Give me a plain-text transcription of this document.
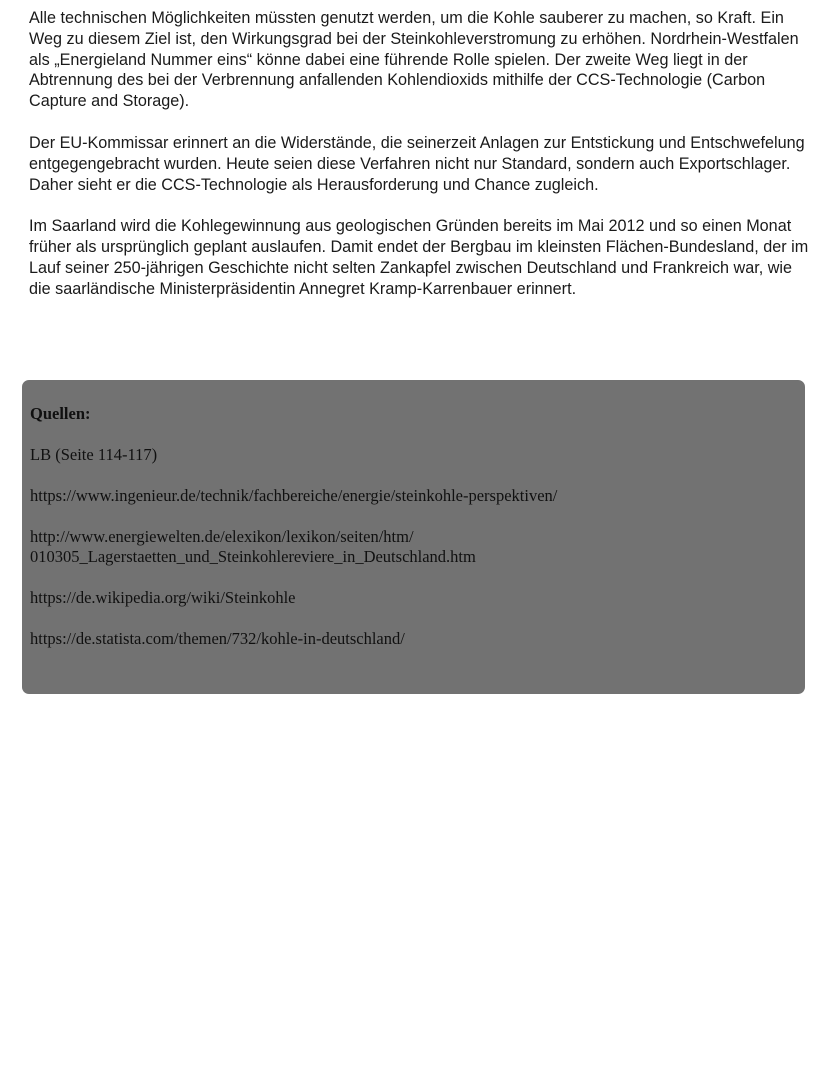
Alle technischen Möglichkeiten müssten genutzt werden, um die Kohle sauberer zu machen, so Kraft. Ein Weg zu diesem Ziel ist, den Wirkungsgrad bei der Steinkohleverstromung zu erhöhen. Nordrhein-Westfalen als „Energieland Nummer eins“ könne dabei eine führende Rolle spielen. Der zweite Weg liegt in der Abtrennung des bei der Verbrennung anfallenden Kohlendioxids mithilfe der CCS-Technologie (Carbon Capture and Storage).

Der EU-Kommissar erinnert an die Widerstände, die seinerzeit Anlagen zur Entstickung und Entschwefelung entgegengebracht wurden. Heute seien diese Verfahren nicht nur Standard, sondern auch Exportschlager. Daher sieht er die CCS-Technologie als Herausforderung und Chance zugleich.

Im Saarland wird die Kohlegewinnung aus geologischen Gründen bereits im Mai 2012 und so einen Monat früher als ursprünglich geplant auslaufen. Damit endet der Bergbau im kleinsten Flächen-Bundesland, der im Lauf seiner 250-jährigen Geschichte nicht selten Zankapfel zwischen Deutschland und Frankreich war, wie die saarländische Ministerpräsidentin Annegret Kramp-Karrenbauer erinnert.

Quellen:
LB (Seite 114-117)
https://www.ingenieur.de/technik/fachbereiche/energie/steinkohle-perspektiven/
http://www.energiewelten.de/elexikon/lexikon/seiten/htm/
010305_Lagerstaetten_und_Steinkohlereviere_in_Deutschland.htm
https://de.wikipedia.org/wiki/Steinkohle
https://de.statista.com/themen/732/kohle-in-deutschland/
